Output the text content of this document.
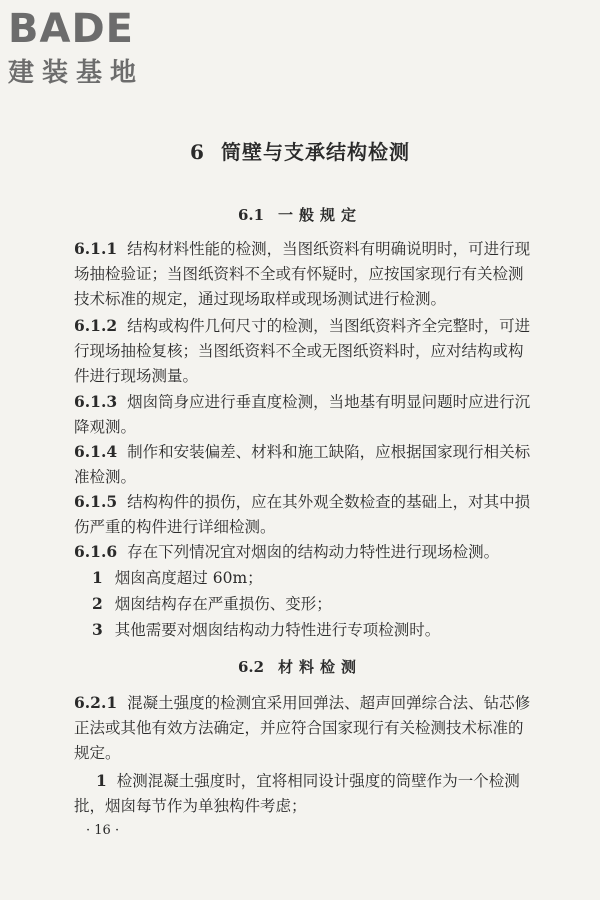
BADE
建装基地
6 筒壁与支承结构检测
6.1 一般规定

6.1.1 结构材料性能的检测，当图纸资料有明确说明时，可进行现场抽检验证；当图纸资料不全或有怀疑时，应按国家现行有关检测技术标准的规定，通过现场取样或现场测试进行检测。

6.1.2 结构或构件几何尺寸的检测，当图纸资料齐全完整时，可进行现场抽检复核；当图纸资料不全或无图纸资料时，应对结构或构件进行现场测量。

6.1.3 烟囱筒身应进行垂直度检测，当地基有明显问题时应进行沉降观测。

6.1.4 制作和安装偏差、材料和施工缺陷，应根据国家现行相关标准检测。

6.1.5 结构构件的损伤，应在其外观全数检查的基础上，对其中损伤严重的构件进行详细检测。

6.1.6 存在下列情况宜对烟囱的结构动力特性进行现场检测。

1 烟囱高度超过 60m；

2 烟囱结构存在严重损伤、变形；

3 其他需要对烟囱结构动力特性进行专项检测时。

6.2 材料检测

6.2.1 混凝土强度的检测宜采用回弹法、超声回弹综合法、钻芯修正法或其他有效方法确定，并应符合国家现行有关检测技术标准的规定。

1 检测混凝土强度时，宜将相同设计强度的筒壁作为一个检测批，烟囱每节作为单独构件考虑；

· 16 ·
